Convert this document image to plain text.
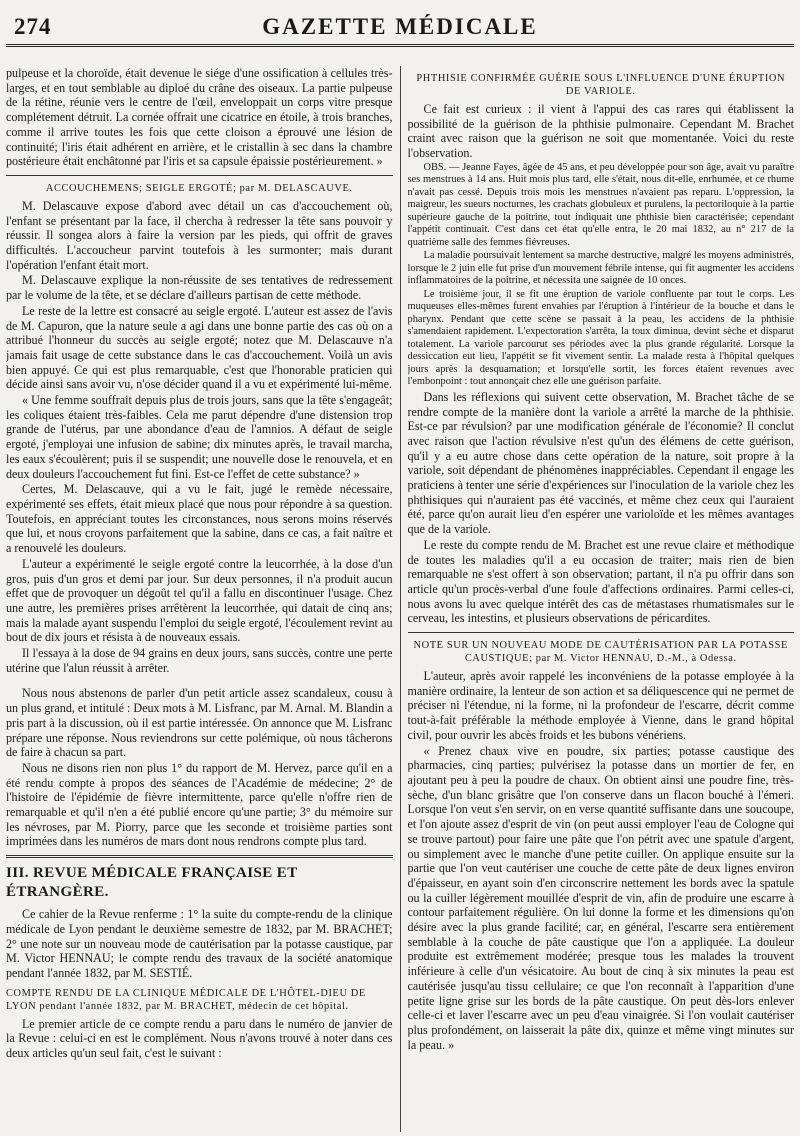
274	GAZETTE MÉDICALE

pulpeuse et la choroïde, était devenue le siége d'une ossification à cellules très-larges, et en tout semblable au diploé du crâne des oiseaux. La partie pulpeuse de la rétine, réunie vers le centre de l'œil, enveloppait un corps vitre presque complétement détruit. La cornée offrait une cicatrice en étoile, à trois branches, comme il arrive toutes les fois que cette cloison a éprouvé une lésion de continuité; l'iris était adhérent en arrière, et le cristallin à sec dans la chambre postérieure était enchâtonné par l'iris et sa capsule épaissie postérieurement. »

ACCOUCHEMENS; SEIGLE ERGOTÉ; par M. DELASCAUVE.

M. Delascauve expose d'abord avec détail un cas d'accouchement où, l'enfant se présentant par la face, il chercha à redresser la tête sans pouvoir y réussir. Il songea alors à faire la version par les pieds, qui offrit de graves difficultés. L'accoucheur parvint toutefois à les surmonter; mais durant l'opération l'enfant était mort.

M. Delascauve explique la non-réussite de ses tentatives de redressement par le volume de la tête, et se déclare d'ailleurs partisan de cette méthode.

Le reste de la lettre est consacré au seigle ergoté. L'auteur est assez de l'avis de M. Capuron, que la nature seule a agi dans une bonne partie des cas où on a attribué l'honneur du succès au seigle ergoté; notez que M. Delascauve n'a jamais fait usage de cette substance dans le cas d'accouchement. Voilà un avis bien appuyé. Ce qui est plus remarquable, c'est que l'honorable praticien qui décide ainsi sans avoir vu, n'ose décider quand il a vu et expérimenté lui-même.

« Une femme souffrait depuis plus de trois jours, sans que la tête s'engageât; les coliques étaient très-faibles. Cela me parut dépendre d'une distension trop grande de l'utérus, par une abondance d'eau de l'amnios. A défaut de seigle ergoté, j'employai une infusion de sabine; dix minutes après, le travail marcha, les eaux s'écoulèrent; puis il se suspendit; une nouvelle dose le renouvela, et en deux douleurs l'accouchement fut fini. Est-ce l'effet de cette substance? »

Certes, M. Delascauve, qui a vu le fait, jugé le remède nécessaire, expérimenté ses effets, était mieux placé que nous pour répondre à sa question. Toutefois, en appréciant toutes les circonstances, nous serons moins réservés que lui, et nous croyons parfaitement que la sabine, dans ce cas, a fait naître et a renouvelé les douleurs.

L'auteur a expérimenté le seigle ergoté contre la leucorrhée, à la dose d'un gros, puis d'un gros et demi par jour. Sur deux personnes, il n'a produit aucun effet que de provoquer un dégoût tel qu'il a fallu en discontinuer l'usage. Chez une autre, les premières prises arrêtèrent la leucorrhée, qui datait de cinq ans; mais la malade ayant suspendu l'emploi du seigle ergoté, l'écoulement revint au bout de dix jours et résista à de nouveaux essais.

Il l'essaya à la dose de 94 grains en deux jours, sans succès, contre une perte utérine que l'alun réussit à arrêter.

Nous nous abstenons de parler d'un petit article assez scandaleux, cousu à un plus grand, et intitulé : Deux mots à M. Lisfranc, par M. Arnal. M. Blandin a pris part à la discussion, où il est partie intéressée. On annonce que M. Lisfranc prépare une réponse. Nous reviendrons sur cette polémique, où nous tâcherons de faire à chacun sa part.

Nous ne disons rien non plus 1° du rapport de M. Hervez, parce qu'il en a été rendu compte à propos des séances de l'Académie de médecine; 2° de l'histoire de l'épidémie de fièvre intermittente, parce qu'elle n'offre rien de remarquable et qu'il n'en a été publié encore qu'une partie; 3° du mémoire sur les névroses, par M. Piorry, parce que les seconde et troisième parties sont imprimées dans les numéros de mars dont nous rendrons compte plus tard.

III. REVUE MÉDICALE FRANÇAISE ET ÉTRANGÈRE.

Ce cahier de la Revue renferme : 1° la suite du compte-rendu de la clinique médicale de Lyon pendant le deuxième semestre de 1832, par M. BRACHET; 2° une note sur un nouveau mode de cautérisation par la potasse caustique, par M. Victor HENNAU; le compte rendu des travaux de la société anatomique pendant l'année 1832, par M. SESTIÉ.

COMPTE RENDU DE LA CLINIQUE MÉDICALE DE L'HÔTEL-DIEU DE LYON pendant l'année 1832, par M. BRACHET, médecin de cet hôpital.

Le premier article de ce compte rendu a paru dans le numéro de janvier de la Revue : celui-ci en est le complément. Nous n'avons trouvé à noter dans ces deux articles qu'un seul fait, c'est le suivant :

PHTHISIE CONFIRMÉE GUÉRIE SOUS L'INFLUENCE D'UNE ÉRUPTION DE VARIOLE.

Ce fait est curieux : il vient à l'appui des cas rares qui établissent la possibilité de la guérison de la phthisie pulmonaire. Cependant M. Brachet craint avec raison que la guérison ne soit que momentanée. Voici du reste l'observation.

OBS. — Jeanne Fayes, âgée de 45 ans, et peu développée pour son âge, avait vu paraître ses menstrues à 14 ans. Huit mois plus tard, elle s'était, nous dit-elle, enrhumée, et ce rhume n'avait pas cessé. Depuis trois mois les menstrues n'avaient pas reparu. L'oppression, la maigreur, les sueurs nocturnes, les crachats globuleux et purulens, la pectoriloquie à la partie supérieure gauche de la poitrine, tout indiquait une phthisie bien caractérisée; cependant l'appétit continuait. C'est dans cet état qu'elle entra, le 20 mai 1832, au n° 217 de la quatrième salle des femmes fiévreuses.

La maladie poursuivait lentement sa marche destructive, malgré les moyens administrés, lorsque le 2 juin elle fut prise d'un mouvement fébrile intense, qui fit augmenter les accidens inflammatoires de la poitrine, et nécessita une saignée de 10 onces.

Le troisième jour, il se fit une éruption de variole confluente par tout le corps. Les muqueuses elles-mêmes furent envahies par l'éruption à l'intérieur de la bouche et dans le pharynx. Pendant que cette scène se passait à la peau, les accidens de la phthisie s'amendaient rapidement. L'expectoration s'arrêta, la toux diminua, devint sèche et disparut totalement. La variole parcourut ses périodes avec la plus grande régularité. Lorsque la dessiccation eut lieu, l'appétit se fit vivement sentir. La malade resta à l'hôpital quelques jours après la desquamation; et lorsqu'elle sortit, les forces étaient revenues avec l'embonpoint : tout annonçait chez elle une guérison parfaite.

Dans les réflexions qui suivent cette observation, M. Brachet tâche de se rendre compte de la manière dont la variole a arrêté la marche de la phthisie. Est-ce par révulsion? par une modification générale de l'économie? Il conclut avec raison que l'action révulsive n'est qu'un des élémens de cette guérison, qu'il y a eu autre chose dans cette opération de la nature, soit propre à la variole, soit dépendant de phénomènes inappréciables. Cependant il engage les praticiens à tenter une série d'expériences sur l'inoculation de la variole chez les phthisiques qui n'auraient pas été vaccinés, et même chez ceux qui l'auraient été, parce qu'on aurait lieu d'en espérer une varioloïde et les mêmes avantages que de la variole.

Le reste du compte rendu de M. Brachet est une revue claire et méthodique de toutes les maladies qu'il a eu occasion de traiter; mais rien de bien remarquable ne s'est offert à son observation; partant, il n'a pu offrir dans son article qu'un procès-verbal d'une foule d'affections ordinaires. Parmi celles-ci, nous avons lu avec quelque intérêt des cas de métastases rhumatismales sur le cerveau, les intestins, et plusieurs observations de péricardites.

NOTE SUR UN NOUVEAU MODE DE CAUTÉRISATION PAR LA POTASSE CAUSTIQUE; par M. Victor HENNAU, D.-M., à Odessa.

L'auteur, après avoir rappelé les inconvéniens de la potasse employée à la manière ordinaire, la lenteur de son action et sa déliquescence qui ne permet de préciser ni l'étendue, ni la forme, ni la profondeur de l'escarre, décrit comme tout-à-fait préférable la méthode employée à Vienne, dans le grand hôpital civil, pour ouvrir les abcès froids et les bubons vénériens.

« Prenez chaux vive en poudre, six parties; potasse caustique des pharmacies, cinq parties; pulvérisez la potasse dans un mortier de fer, en ajoutant peu à peu la poudre de chaux. On obtient ainsi une poudre fine, très-sèche, d'un blanc grisâtre que l'on conserve dans un flacon bouché à l'émeri. Lorsque l'on veut s'en servir, on en verse quantité suffisante dans une soucoupe, et l'on ajoute assez d'esprit de vin (on peut aussi employer l'eau de Cologne qui se trouve partout) pour faire une pâte que l'on pétrit avec une spatule d'argent, ou simplement avec le manche d'une petite cuiller. On applique ensuite sur la partie que l'on veut cautériser une couche de cette pâte de deux lignes environ d'épaisseur, en ayant soin d'en circonscrire nettement les bords avec la spatule ou la cuiller légèrement mouillée d'esprit de vin, afin de produire une escarre à contour parfaitement régulière. On lui donne la forme et les dimensions qu'on désire avec la plus grande facilité; car, en général, l'escarre sera entièrement semblable à la couche de pâte caustique que l'on a appliquée. La douleur produite est extrêmement modérée; presque tous les malades la trouvent inférieure à celle d'un vésicatoire. Au bout de cinq à six minutes la peau est cautérisée jusqu'au tissu cellulaire; ce que l'on reconnaît à l'apparition d'une petite ligne grise sur les bords de la pâte caustique. On peut dès-lors enlever celle-ci et laver l'escarre avec un peu d'eau vinaigrée. Si l'on voulait cautériser plus profondément, on laisserait la pâte dix, quinze et même vingt minutes sur la peau. »
